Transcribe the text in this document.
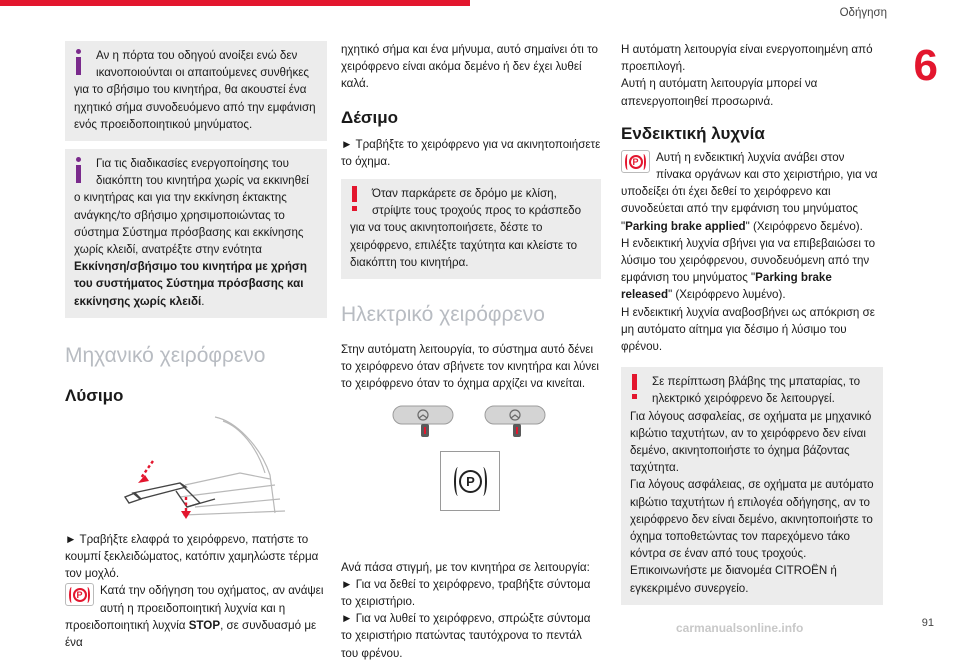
Οδήγηση
6

Αν η πόρτα του οδηγού ανοίξει ενώ δεν ικανοποιούνται οι απαιτούμενες συνθήκες για το σβήσιμο του κινητήρα, θα ακουστεί ένα ηχητικό σήμα συνοδευόμενο από την εμφάνιση ενός προειδοποιητικού μηνύματος.

Για τις διαδικασίες ενεργοποίησης του διακόπτη του κινητήρα χωρίς να εκκινηθεί ο κινητήρας και για την εκκίνηση έκτακτης ανάγκης/το σβήσιμο χρησιμοποιώντας το σύστημα Σύστημα πρόσβασης και εκκίνησης χωρίς κλειδί, ανατρέξτε στην ενότητα Εκκίνηση/σβήσιμο του κινητήρα με χρήση του συστήματος Σύστημα πρόσβασης και εκκίνησης χωρίς κλειδί.

Μηχανικό χειρόφρενο
Λύσιμο

► Τραβήξτε ελαφρά το χειρόφρενο, πατήστε το κουμπί ξεκλειδώματος, κατόπιν χαμηλώστε τέρμα τον μοχλό.

P	Κατά την οδήγηση του οχήματος, αν ανάψει αυτή η προειδοποιητική λυχνία και η προειδοποιητική λυχνία STOP, σε συνδυασμό με ένα

ηχητικό σήμα και ένα μήνυμα, αυτό σημαίνει ότι το χειρόφρενο είναι ακόμα δεμένο ή δεν έχει λυθεί καλά.

Δέσιμο

► Τραβήξτε το χειρόφρενο για να ακινητοποιήσετε το όχημα.

Όταν παρκάρετε σε δρόμο με κλίση, στρίψτε τους τροχούς προς το κράσπεδο για να τους ακινητοποιήσετε, δέστε το χειρόφρενο, επιλέξτε ταχύτητα και κλείστε το διακόπτη του κινητήρα.

Ηλεκτρικό χειρόφρενο

Στην αυτόματη λειτουργία, το σύστημα αυτό δένει το χειρόφρενο όταν σβήνετε τον κινητήρα και λύνει το χειρόφρενο όταν το όχημα αρχίζει να κινείται.

P

Ανά πάσα στιγμή, με τον κινητήρα σε λειτουργία:

► Για να δεθεί το χειρόφρενο, τραβήξτε σύντομα το χειριστήριο.

► Για να λυθεί το χειρόφρενο, σπρώξτε σύντομα το χειριστήριο πατώντας ταυτόχρονα το πεντάλ του φρένου.

Η αυτόματη λειτουργία είναι ενεργοποιημένη από προεπιλογή.

Αυτή η αυτόματη λειτουργία μπορεί να απενεργοποιηθεί προσωρινά.

Ενδεικτική λυχνία

P	Αυτή η ενδεικτική λυχνία ανάβει στον πίνακα οργάνων και στο χειριστήριο, για να υποδείξει ότι έχει δεθεί το χειρόφρενο και συνοδεύεται από την εμφάνιση του μηνύματος "Parking brake applied" (Χειρόφρενο δεμένο).

Η ενδεικτική λυχνία σβήνει για να επιβεβαιώσει το λύσιμο του χειρόφρενου, συνοδευόμενη από την εμφάνιση του μηνύματος "Parking brake released" (Χειρόφρενο λυμένο).

Η ενδεικτική λυχνία αναβοσβήνει ως απόκριση σε μη αυτόματο αίτημα για δέσιμο ή λύσιμο του φρένου.

Σε περίπτωση βλάβης της μπαταρίας, το ηλεκτρικό χειρόφρενο δε λειτουργεί.

Για λόγους ασφαλείας, σε οχήματα με μηχανικό κιβώτιο ταχυτήτων, αν το χειρόφρενο δεν είναι δεμένο, ακινητοποιήστε το όχημα βάζοντας ταχύτητα.

Για λόγους ασφάλειας, σε οχήματα με αυτόματο κιβώτιο ταχυτήτων ή επιλογέα οδήγησης, αν το χειρόφρενο δεν είναι δεμένο, ακινητοποιήστε το όχημα τοποθετώντας τον παρεχόμενο τάκο κόντρα σε έναν από τους τροχούς.

Επικοινωνήστε με διανομέα CITROËN ή εγκεκριμένο συνεργείο.

91
carmanualsonline.info
